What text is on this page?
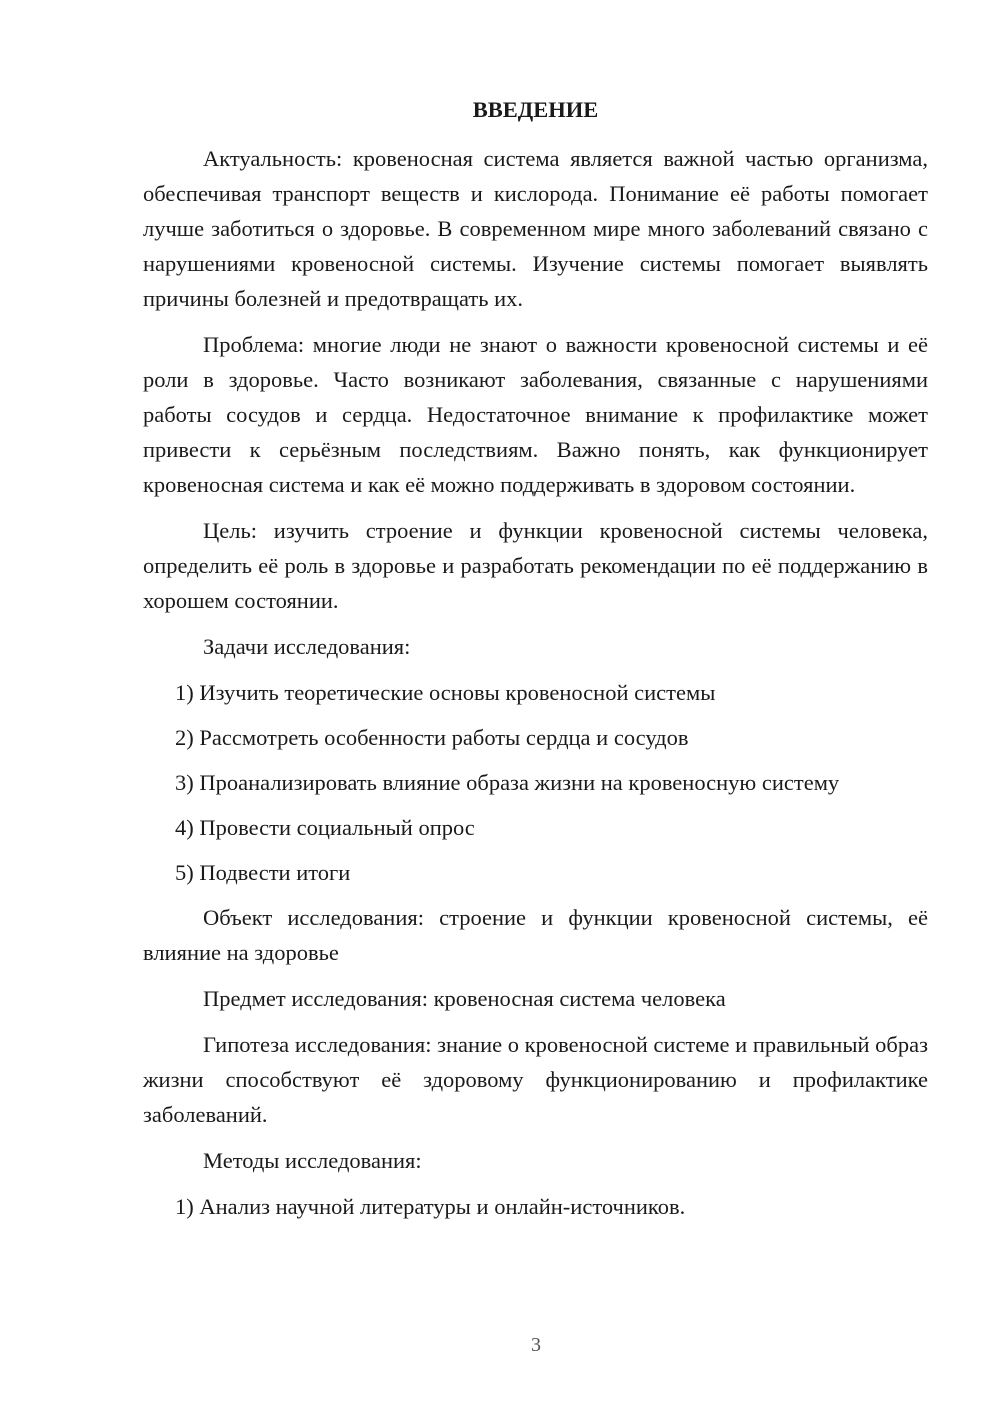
ВВЕДЕНИЕ

Актуальность: кровеносная система является важной частью организма, обеспечивая транспорт веществ и кислорода. Понимание её работы помогает лучше заботиться о здоровье. В современном мире много заболеваний связано с нарушениями кровеносной системы. Изучение системы помогает выявлять причины болезней и предотвращать их.

Проблема: многие люди не знают о важности кровеносной системы и её роли в здоровье. Часто возникают заболевания, связанные с нарушениями работы сосудов и сердца. Недостаточное внимание к профилактике может привести к серьёзным последствиям. Важно понять, как функционирует кровеносная система и как её можно поддерживать в здоровом состоянии.

Цель: изучить строение и функции кровеносной системы человека, определить её роль в здоровье и разработать рекомендации по её поддержанию в хорошем состоянии.

Задачи исследования:

1) Изучить теоретические основы кровеносной системы
2) Рассмотреть особенности работы сердца и сосудов
3) Проанализировать влияние образа жизни на кровеносную систему
4) Провести социальный опрос
5) Подвести итоги

Объект исследования: строение и функции кровеносной системы, её влияние на здоровье

Предмет исследования: кровеносная система человека

Гипотеза исследования: знание о кровеносной системе и правильный образ жизни способствуют её здоровому функционированию и профилактике заболеваний.

Методы исследования:

1) Анализ научной литературы и онлайн-источников.
3
